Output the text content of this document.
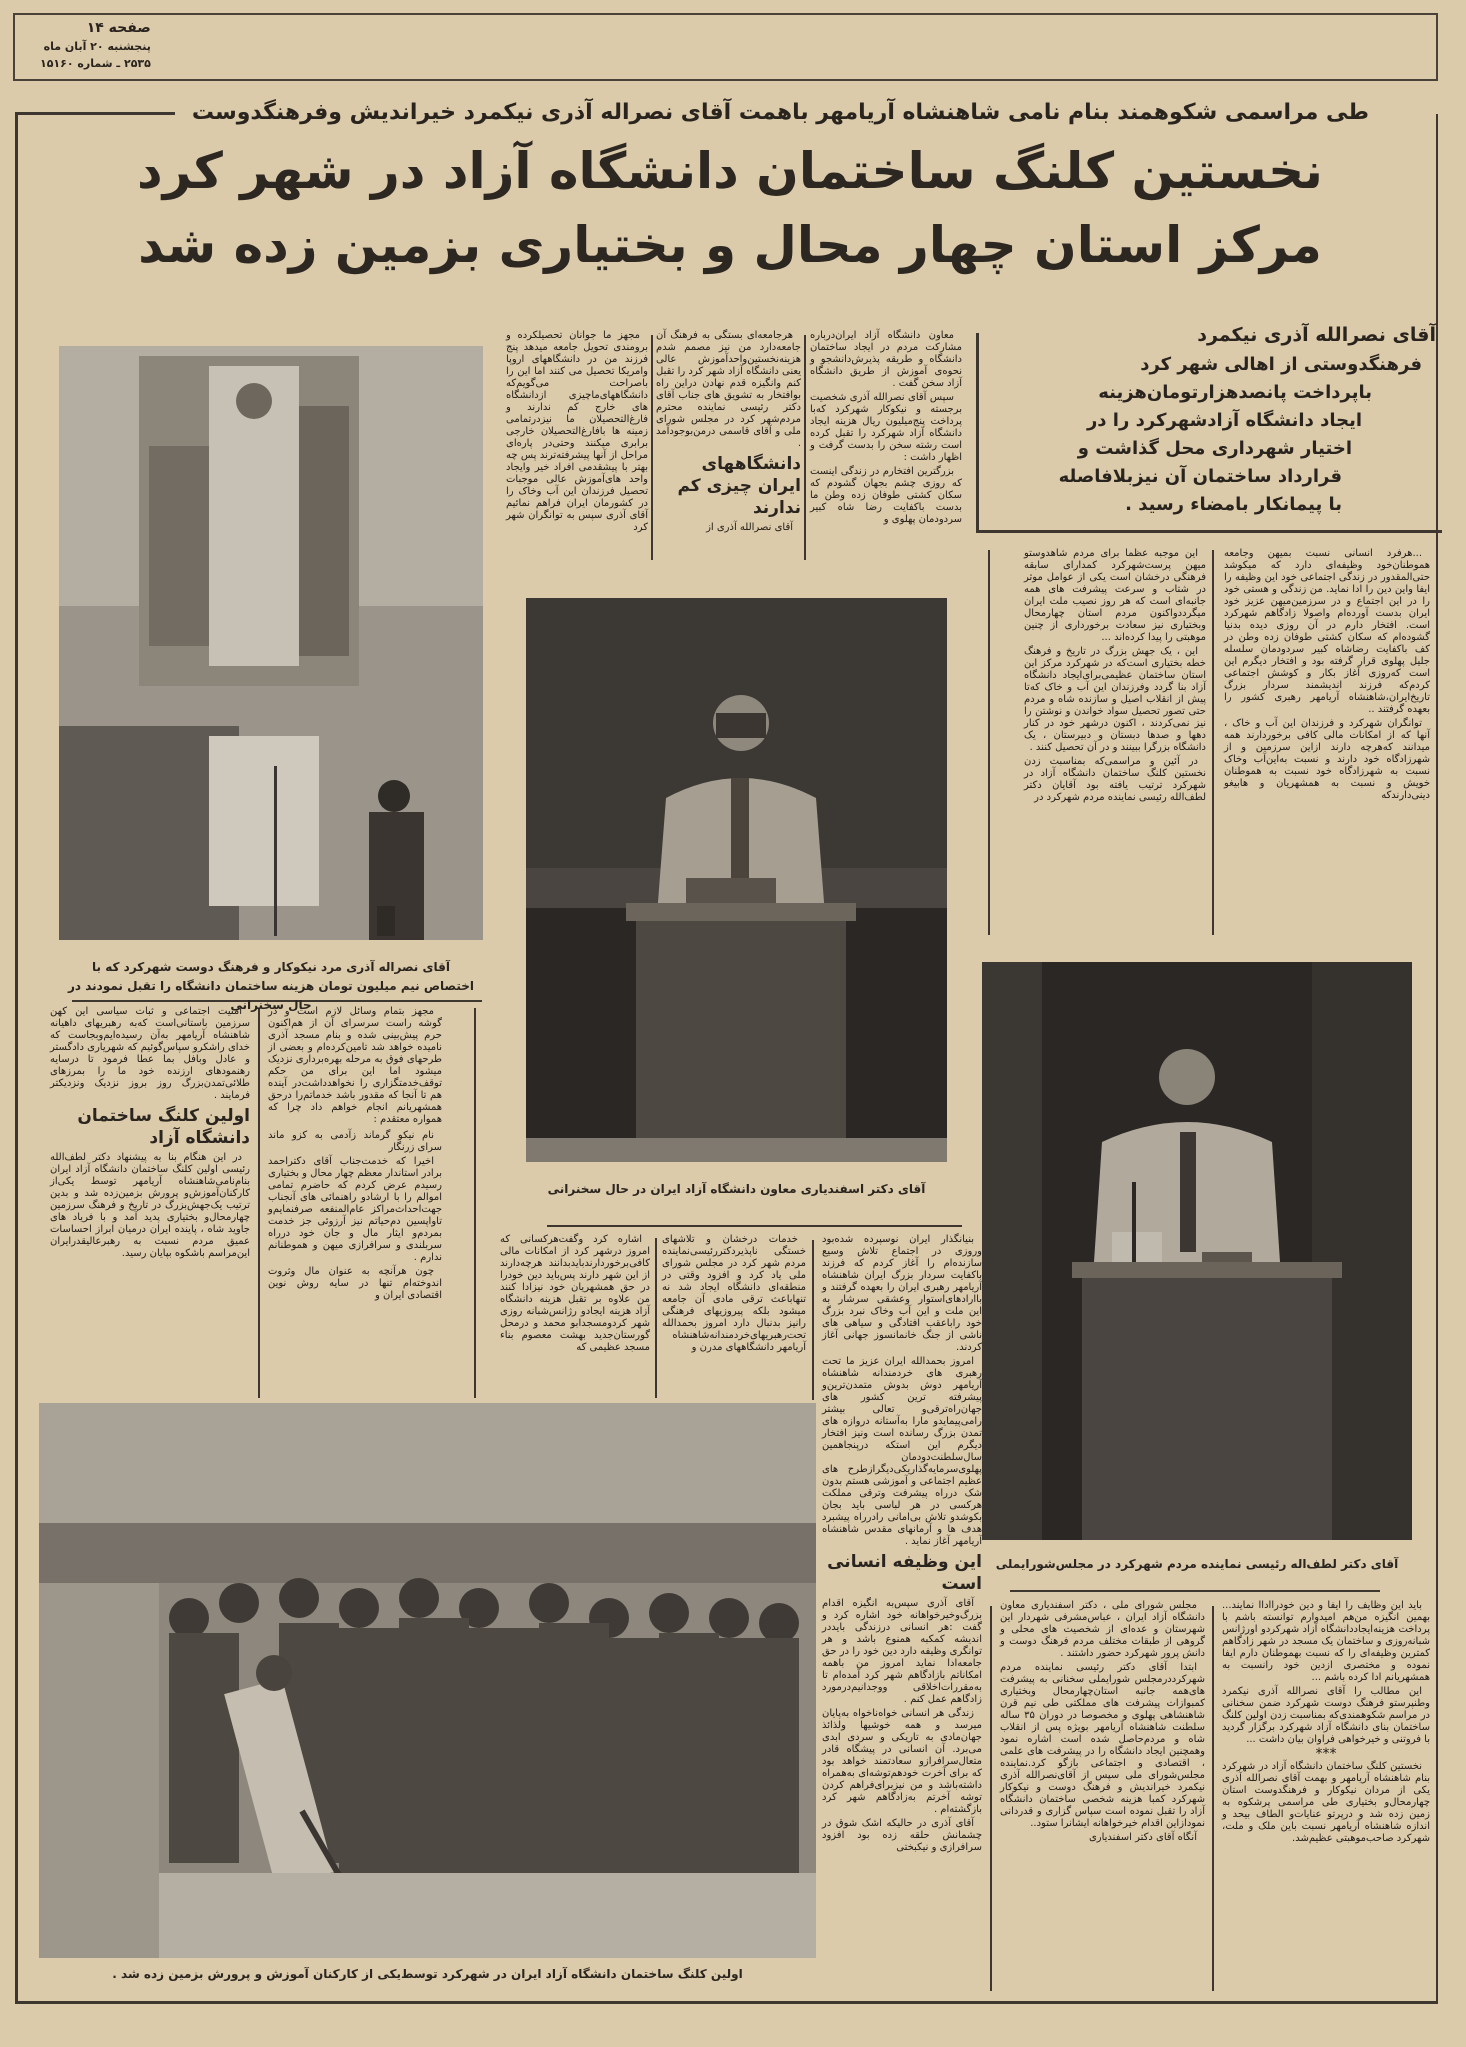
صفحه ۱۴
پنجشنبه ۲۰ آبان ماه
۲۵۳۵ ـ شماره ۱۵۱۶۰
طی مراسمی شکوهمند بنام نامی شاهنشاه آریامهر باهمت آقای نصراله آذری نیکمرد خیراندیش وفرهنگدوست
نخستین کلنگ ساختمان دانشگاه آزاد در شهر کرد
مرکز استان چهار محال و بختیاری بزمین زده شد
آقای نصراله آذری مرد نیکوکار و فرهنگ دوست شهرکرد که با
اختصاص نیم میلیون تومان هزینه ساختمان دانشگاه را تقبل نمودند در حال سخنرانی

معاون دانشگاه آزاد ایران‌درباره مشارکت مردم در ایجاد ساختمان دانشگاه و طریقه پذیرش‌دانشجو و نحوه‌ی آموزش از طریق دانشگاه آزاد سخن گفت .

سپس آقای نصرالله آذری شخصیت برجسته و نیکوکار شهرکرد که‌با پرداخت پنج‌میلیون ریال هزینه ایجاد دانشگاه آزاد شهرکرد را تقبل کرده است رشته سخن را بدست گرفت و اظهار داشت :

بزرگترین افتخارم در زندگی اینست که روزی چشم بجهان گشودم که سکان کشتی طوفان زده وطن ما بدست باکفایت رضا شاه کبیر سردودمان پهلوی و

هرجامعه‌ای بستگی به فرهنگ آن جامعه‌دارد من نیز مصمم شدم هزینه‌نخستین‌واحدآموزش عالی یعنی دانشگاه آزاد شهر کرد را تقبل کنم وانگیزه قدم نهادن دراین راه بوافتخار به تشویق های جناب آقای دکتر رئیسی نماینده محترم مردم‌شهر کرد در مجلس شورای ملی و آقای قاسمی درمن‌بوجود‌آمد .

دانشگاههای ایران چیزی کم ندارند

آقای نصرالله آذری از

مجهز ما جوانان تحصیلکرده و برومندی تحویل جامعه میدهد پنج فرزند من در دانشگاههای اروپا وامریکا تحصیل می کنند اما این را باصراحت می‌گویم‌که دانشگاههای‌ماچیزی ازدانشگاه های خارج کم ندارند و فارغ‌التحصیلان ما نیزدرتمامی زمینه ها بافارغ‌التحصیلان خارجی برابری میکنند وحتی‌در پاره‌ای مراحل از آنها پیشرفته‌ترند پس چه بهتر با پیشقدمی افراد خیر وایجاد واحد های‌آموزش عالی موجبات تحصیل فرزندان این آب وخاک را در کشورمان ایران فراهم نمائیم آقای آذری سپس به توانگران شهر کرد

فرهنگدوستی از اهالی شهر کرد
باپرداخت پانصدهزارتومان‌هزینه
ایجاد دانشگاه آزادشهرکرد را در
اختیار شهرداری محل گذاشت و
قرارداد ساختمان آن نیزبلافاصله
با پیمانکار بامضاء رسید .
آقای نصرالله آذری نیکمرد
آقای دکتر اسفندیاری معاون دانشگاه آزاد ایران در حال سخنرانی

این موجبه عظما برای مردم شاهدوستو میهن پرست‌شهرکرد کمدارای سابقه فرهنگی درخشان است یکی از عوامل موثر در شتاب و سرعت پیشرفت های همه جانبه‌ای است که هر روز نصیب ملت ایران میگردد‌واکنون مردم استان چهارمحال وبختیاری نیز سعادت برخورداری از چنین موهبتی را پیدا کرده‌اند ...

این ، یک جهش بزرگ در تاریخ و فرهنگ خطه بختیاری است‌که در شهرکرد مرکز این استان ساختمان عظیمی‌برای‌ایجاد دانشگاه آزاد بنا گردد و‌فرزندان این آب و خاک که‌تا پیش از انقلاب اصیل و سازنده شاه و مردم حتی تصور تحصیل سواد خواندن و نوشتن را نیز نمی‌کردند ، اکنون درشهر خود در کنار دهها و صدها دبستان و دبیرستان ، یک دانشگاه بزرگرا ببینند و در آن تحصیل کنند .

در آئین‌ و مراسمی‌که بمناسبت زدن نخستین کلنگ ساختمان دانشگاه آزاد در شهرکرد ترتیب یافته بود آقایان دکتر لطف‌الله رئیسی نماینده مردم شهرکرد در

...هرفرد انسانی نسبت بمیهن وجامعه هموطنان‌خود وظیفه‌ای دارد که میکوشد حتی‌المقدور در زندگی اجتماعی خود این وظیفه را ایفا واین دین را ادا نماید. من زندگی و هستی خود را در این اجتماع و در سرزمین‌میهن عزیز خود ایران بدست آورده‌ام واصولا زادگاهم شهرکرد است. افتخار دارم در آن روزی دیده بدنیا گشوده‌ام که سکان کشتی طوفان زده وطن در کف باکفایت رضاشاه کبیر سردودمان سلسله جلیل پهلوی قرار گرفته بود و افتخار دیگرم این است که‌روزی آغاز بکار و کوشش اجتماعی کردم‌که فرزند اندیشمند سردار بزرگ تاریخ‌ایران،شاهنشاه آریامهر رهبری کشور را بعهده گرفتند ..

توانگران شهرکرد و فرزندان این آب و خاک ، آنها که از امکانات مالی کافی برخوردارند همه میدانند که‌هرچه دارند ازاین سرزمین و از شهرزادگاه خود دارند و نسبت به‌این‌آب وخاک نسبت به شهرزادگاه خود نسبت به هموطنان خویش و نسبت به همشهریان و هابیغو دینی‌دارند‌که

آقای دکتر لطف‌اله رئیسی نماینده مردم شهرکرد در مجلس‌شورایملی

مجهز بتمام وسائل لازم است و در گوشه راست سرسرای آن از هم‌اکنون حرم پیش‌بینی شده و بنام مسجد آذری نامیده خواهد شد تامین‌کرده‌ام و بعضی از طرحهای فوق به مرحله بهره‌برداری نزدیک میشود اما این برای من حکم توقف‌خدمتگزاری را نخواهدداشت‌در آینده هم تا آنجا که مقدور باشد خدماتم‌را درحق همشهریانم انجام خواهم داد چرا که همواره معتقدم :

نام نیکو گرماند زآدمی به کزو ماند سرای زرنگار

اخیرا که خدمت‌جناب آقای دکتراحمد برادر استاندار معظم چهار محال و بختیاری رسیدم عرض کردم که حاضرم تمامی اموالم را با ارشادو راهنمائی های آنجناب جهت‌احداث‌مراکز عام‌المنفعه صرفنمایم‌و تاواپسین دم‌حیاتم نیز آرزوئی جز خدمت بمردم‌و ایثار مال و جان خود درراه سربلندی و سرافرازی میهن و هموطنانم ندارم .

چون هرآنچه به عنوان مال وثروت اندوخته‌ام تنها در سایه روش نوین اقتصادی ایران و

امنیت اجتماعی و ثبات سیاسی این کهن سرزمین باستانی‌است که‌به رهبریهای داهیانه شاهنشاه آریامهر به‌آن رسیده‌ایم‌وبجاست که خدای راشکرو سپاس‌گوئیم که شهریاری دادگستر و عادل وبافل بما عطا فرمود تا درسایه رهنمودهای ارزنده خود ما را بمرزهای طلائی‌تمدن‌بزرگ روز بروز نزدیک ونزدیکتر فرمایند .

اولین کلنگ ساختمان دانشگاه آزاد

در این هنگام بنا به پیشنهاد دکتر لطف‌الله رئیسی اولین کلنگ ساختمان دانشگاه آزاد ایران بنام‌نامی‌شاهنشاه آریامهر توسط یکی‌از کارکنان‌آموزش‌و پرورش بزمین‌زده شد و بدین ترتیب یک‌جهش‌بزرگ در تاریخ و فرهنگ سرزمین چهارمحال‌و بختیاری پدید آمد و با فریاد های جاوید شاه ، پاینده ایران درمیان ابراز احساسات عمیق مردم نسبت به رهبرعالیقدرایران این‌مراسم باشکوه بپایان رسید.

اشاره کرد وگفت‌هرکسانی که امروز درشهر کرد از امکانات مالی کافی‌برخوردارند‌بایدبدانند هرچه‌دارند از این شهر دارند پس‌باید دین خودرا در حق همشهریان خود نیزادا کنند من علاوه بر تقبل هزینه دانشگاه آزاد هزینه ایجادو رژانس‌شبانه روزی شهر کرد‌ومسجدابو محمد و درمحل گورستان‌جدید بهشت معصوم بناء مسجد عظیمی که

خدمات درخشان و تلاشهای خستگی ناپذیردکتررئیسی‌نماینده مردم شهر کرد در مجلس شورای ملی یاد کرد و افزود وقتی در منطقه‌ای دانشگاه ایجاد شد نه تنهاباعث ترقی مادی آن جامعه میشود بلکه پیروزیهای فرهنگی رانیز بدنبال دارد امروز بحمدالله تحت‌رهبریهای‌خردمندانه‌شاهنشاه آریامهر دانشگاههای مدرن و

بنیانگذار ایران نوسپرده شده‌بود وروزی در اجتماع تلاش وسیع سازنده‌ام را آغاز کردم که فرزند باکفایت سردار بزرگ ایران شاهنشاه آریامهر رهبری ایران را بعهده گرفتند و باارادهای‌استوار وعشقی سرشار به این ملت و این آب وخاک نبرد بزرگ خود رابا‌عقب افتادگی و سیاهی های ناشی از جنگ خانمانسوز جهانی آغاز کردند.

امروز بحمدالله ایران عزیز ما تحت رهبری های خردمندانه شاهنشاه آریامهر دوش بدوش متمدن‌ترین‌و پیشرفته ترین کشور های جهان‌راه‌ترقی‌و تعالی بیشتر رامی‌پیماید‌و مارا به‌آستانه دروازه های تمدن بزرگ رسانده است ونیز افتخار دیگرم این استکه درپنجاهمین سال‌سلطنت‌دودمان پهلوی‌سرمایه‌گذاریکی‌دیگراز‌طرح های عظیم اجتماعی و آموزشی هستم بدون شک درراه پیشرفت وترقی مملکت هرکسی در هر لباسی باید بجان بکوشدو تلاش بی‌امانی رادرراه پیشبرد هدف ها و آرمانهای مقدس شاهنشاه آریامهر آغاز نماید .

این وظیفه انسانی است

آقای آذری سپس‌به انگیزه اقدام بزرگ‌وخیرخواهانه خود اشاره کرد و گفت :هر انسانی درزندگی بایددر اندیشه کمکبه همنوع باشد و هر توانگری وظیفه دارد دین خود را در حق جامعه‌ادا نماید امروز من باهمه امکاناتم بازادگاهم شهر کرد آمده‌ام تا به‌مقررات‌اخلاقی ووجدانیم‌درمورد زادگاهم عمل کنم .

زندگی هر انسانی خواه‌ناخواه به‌پایان میرسد و همه خوشیها ولذائذ جهان‌مادی به تاریکی و سردی ابدی می‌برد. آن انسانی در پیشگاه قادر متعال‌سرافرازو سعادتمند خواهد بود که برای آخرت خودهم‌توشه‌ای به‌همراه داشته‌باشد و من نیزبرای‌فراهم کردن توشه آخرتم به‌زادگاهم شهر کرد بازگشته‌ام .

آقای آذری در حالیکه اشک شوق در چشمانش حلقه زده بود افزود سرافرازی و نیکبختی

اولین کلنگ ساختمان دانشگاه آزاد ایران در شهرکرد توسط‌یکی از کارکنان آموزش و پرورش بزمین زده شد .

مجلس شورای ملی ، دکتر اسفندیاری معاون دانشگاه آزاد ایران ، عباس‌مشرفی شهردار این شهرستان و عده‌ای از شخصیت های محلی و گروهی از طبقات مختلف مردم فرهنگ دوست و دانش پرور شهرکرد حضور داشتند .

ابتدا آقای دکتر رئیسی نماینده مردم شهرکرددرمجلس شورایملی سخنانی به پیشرفت های‌همه جانبه استان‌چهارمحال وبختیاری کمبوازات پیشرفت های مملکتی طی نیم قرن شاهنشاهی پهلوی و مخصوصا در دوران ۳۵ ساله سلطنت شاهنشاه آریامهر بویژه پس از انقلاب شاه و مردم‌حاصل شده است اشاره نمود وهمچنین ایجاد دانشگاه را در پیشرفت های علمی ، اقتصادی و اجتماعی بازگو کرد.نماینده مجلس‌شورای ملی سپس از آقای‌نصرالله آذری نیکمرد خیراندیش و فرهنگ دوست و نیکوکار شهرکرد کمبا هزینه شخصی ساختمان دانشگاه آزاد را تقبل نموده است سپاس گزاری و قدردانی نمودازاین اقدام خیرخواهانه ایشانرا ستود..

آنگاه آقای دکتر اسفندیاری

باید این وظایف را ایفا و دین خودرااداا نمایند... بهمین انگیزه من‌هم امیدوارم توانسته باشم با پرداخت هزینه‌ایجاددانشگاه آزاد شهرکردو اورژانس شبانه‌روزی و ساختمان یک مسجد در شهر زادگاهم کمترین وظیفه‌ای را که نسبت بهموطنان دارم ایفا نموده و مختصری ازدین خود رانسبت به همشهریانم ادا کرده باشم ...

این مطالب را آقای نصرالله آذری نیکمرد وطنپرستو فرهنگ دوست شهرکرد ضمن سخنانی در مراسم شکوهمندی‌که بمناسبت زدن اولین کلنگ ساختمان بنای دانشگاه آزاد شهرکرد برگزار گردید با فروتنی و خیرخواهی فراوان بیان داشت ...

***

نخستین کلنگ ساختمان دانشگاه آزاد در شهرکرد بنام شاهنشاه آریامهر و بهمت آقای نصرالله آذری یکی از مردان نیکوکار و فرهنگدوست استان چهارمحال‌و بختیاری طی مراسمی پرشکوه به زمین زده شد و درپرتو عنایات‌و الطاف بیحد و اندازه شاهنشاه آریامهر نسبت باین ملک و ملت، شهرکرد صاحب‌موهبتی عظیم‌شد.
